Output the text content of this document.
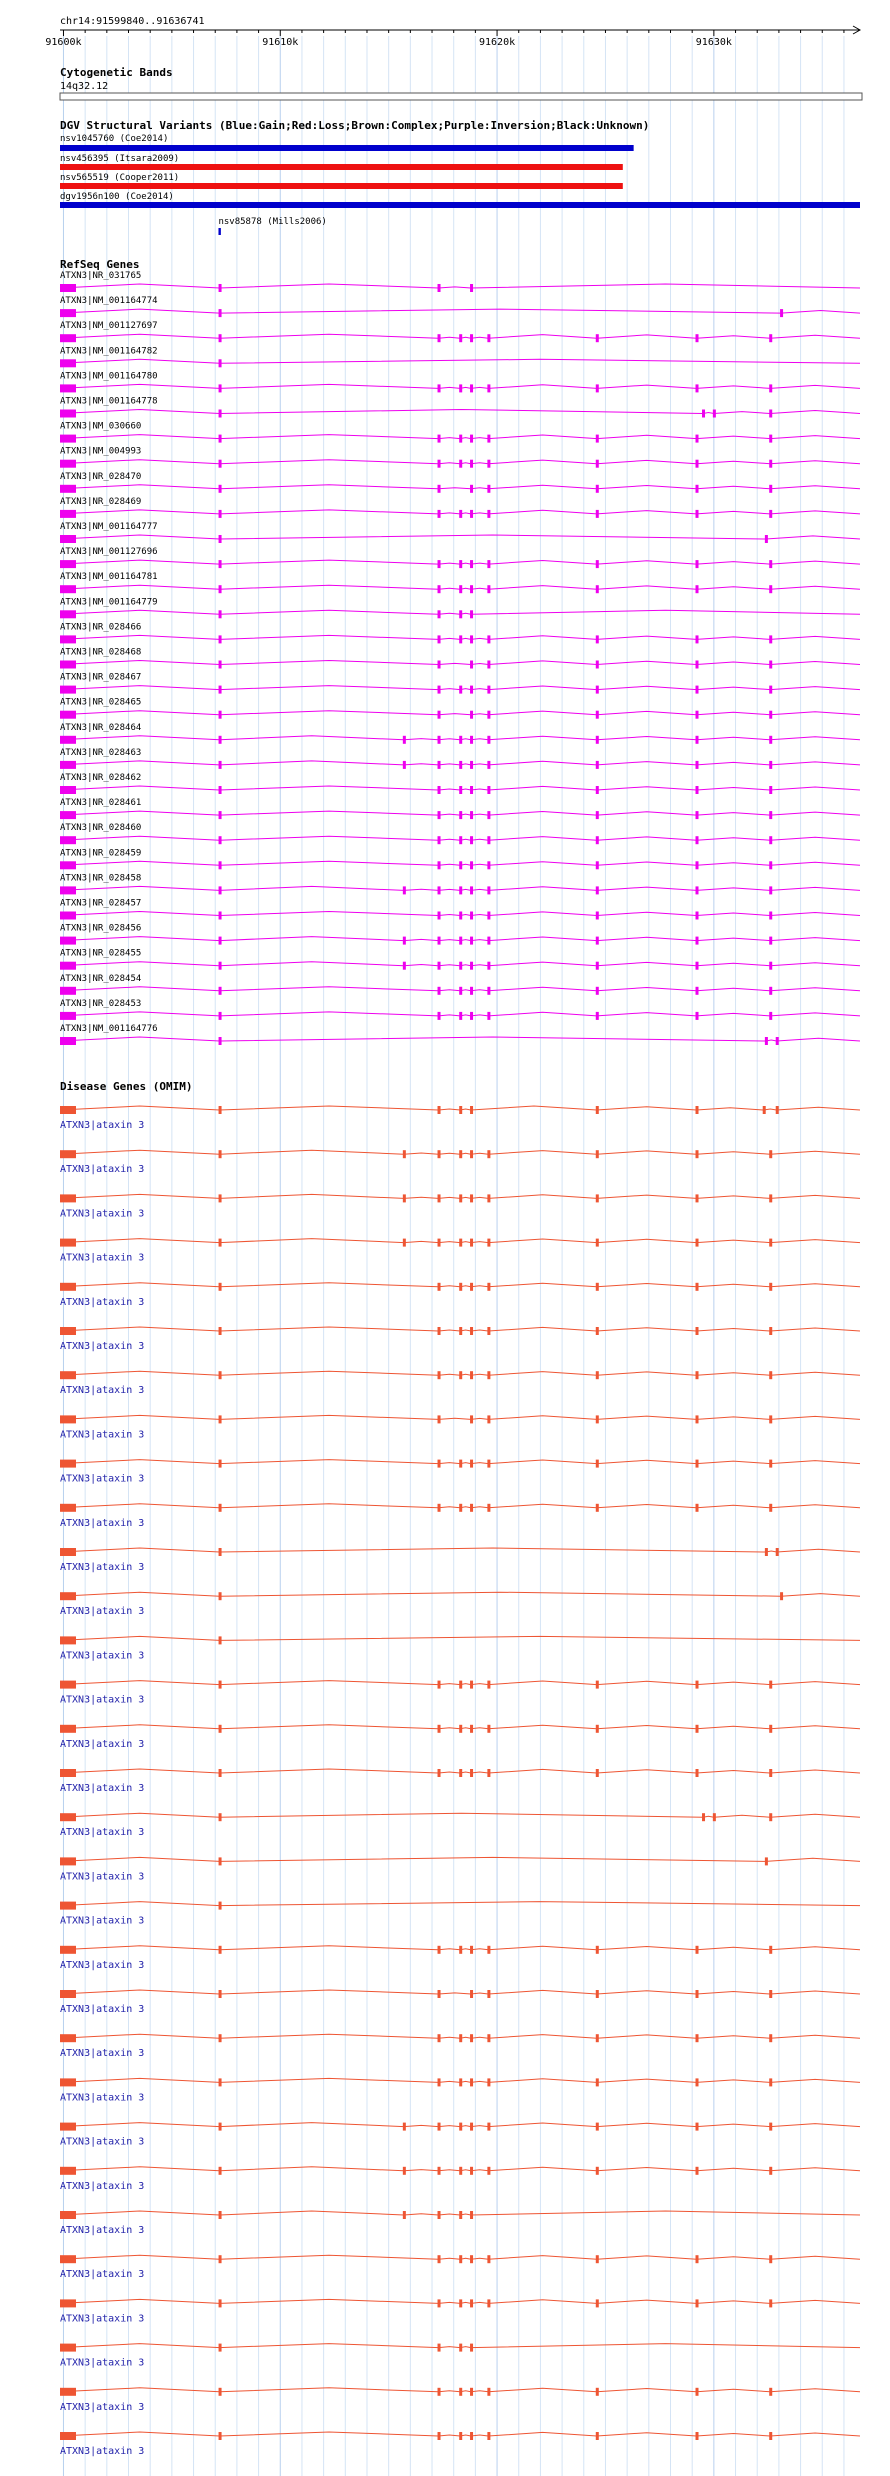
chr14:91599840..91636741
91600k	91610k	91620k	91630k
Cytogenetic Bands
14q32.12
DGV Structural Variants (Blue:Gain;Red:Loss;Brown:Complex;Purple:Inversion;Black:Unknown)
nsv1045760 (Coe2014)
nsv456395 (Itsara2009)
nsv565519 (Cooper2011)
dgv1956n100 (Coe2014)
nsv85878 (Mills2006)
RefSeq Genes
ATXN3|NR_031765
ATXN3|NM_001164774
ATXN3|NM_001127697
ATXN3|NM_001164782
ATXN3|NM_001164780
ATXN3|NM_001164778
ATXN3|NM_030660
ATXN3|NM_004993
ATXN3|NR_028470
ATXN3|NR_028469
ATXN3|NM_001164777
ATXN3|NM_001127696
ATXN3|NM_001164781
ATXN3|NM_001164779
ATXN3|NR_028466
ATXN3|NR_028468
ATXN3|NR_028467
ATXN3|NR_028465
ATXN3|NR_028464
ATXN3|NR_028463
ATXN3|NR_028462
ATXN3|NR_028461
ATXN3|NR_028460
ATXN3|NR_028459
ATXN3|NR_028458
ATXN3|NR_028457
ATXN3|NR_028456
ATXN3|NR_028455
ATXN3|NR_028454
ATXN3|NR_028453
ATXN3|NM_001164776
Disease Genes (OMIM)
ATXN3|ataxin 3
ATXN3|ataxin 3
ATXN3|ataxin 3
ATXN3|ataxin 3
ATXN3|ataxin 3
ATXN3|ataxin 3
ATXN3|ataxin 3
ATXN3|ataxin 3
ATXN3|ataxin 3
ATXN3|ataxin 3
ATXN3|ataxin 3
ATXN3|ataxin 3
ATXN3|ataxin 3
ATXN3|ataxin 3
ATXN3|ataxin 3
ATXN3|ataxin 3
ATXN3|ataxin 3
ATXN3|ataxin 3
ATXN3|ataxin 3
ATXN3|ataxin 3
ATXN3|ataxin 3
ATXN3|ataxin 3
ATXN3|ataxin 3
ATXN3|ataxin 3
ATXN3|ataxin 3
ATXN3|ataxin 3
ATXN3|ataxin 3
ATXN3|ataxin 3
ATXN3|ataxin 3
ATXN3|ataxin 3
ATXN3|ataxin 3
